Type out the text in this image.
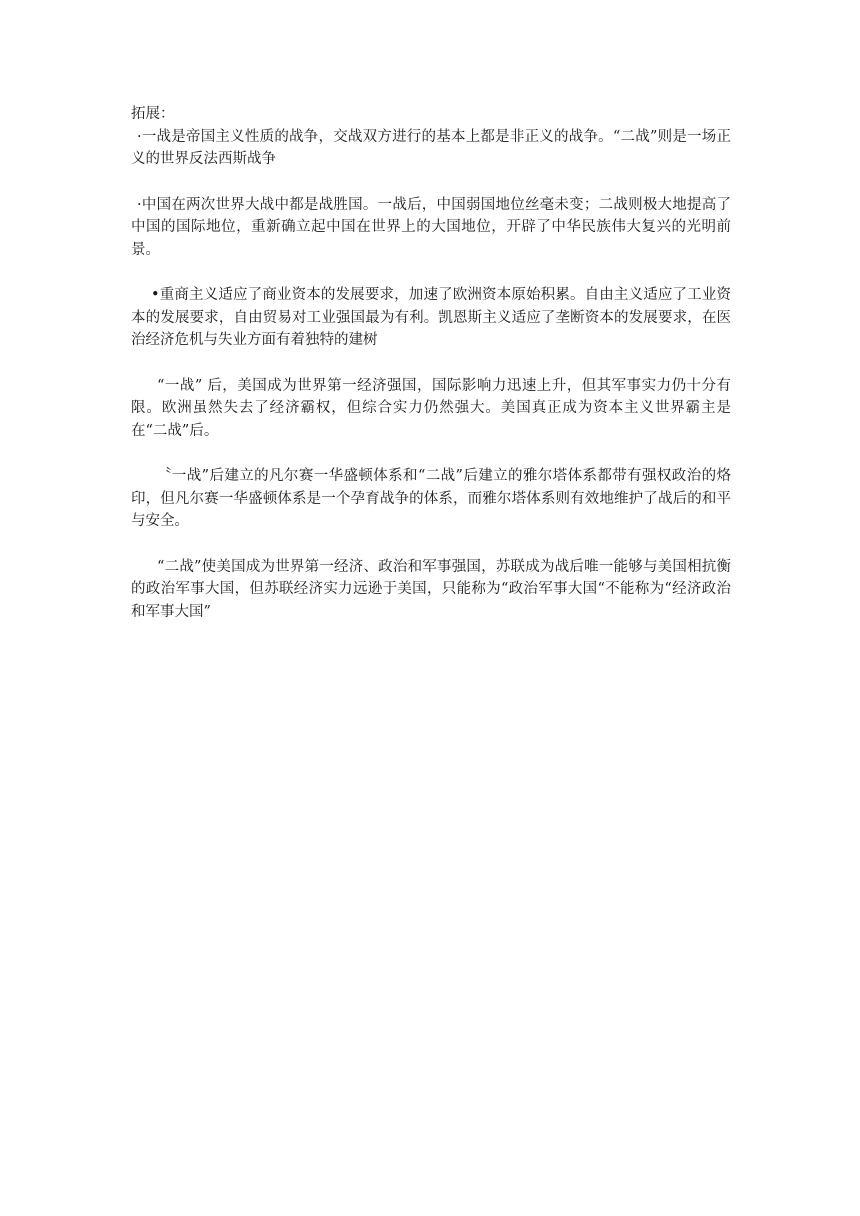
拓展：

·一战是帝国主义性质的战争，交战双方进行的基本上都是非正义的战争。“二战”则是一场正义的世界反法西斯战争

·中国在两次世界大战中都是战胜国。一战后，中国弱国地位丝毫未变；二战则极大地提高了中国的国际地位，重新确立起中国在世界上的大国地位，开辟了中华民族伟大复兴的光明前景。

•重商主义适应了商业资本的发展要求，加速了欧洲资本原始积累。自由主义适应了工业资本的发展要求，自由贸易对工业强国最为有利。凯恩斯主义适应了垄断资本的发展要求，在医治经济危机与失业方面有着独特的建树

“一战” 后，美国成为世界第一经济强国，国际影响力迅速上升，但其军事实力仍十分有限。欧洲虽然失去了经济霸权，但综合实力仍然强大。美国真正成为资本主义世界霸主是在“二战”后。

〝一战”后建立的凡尔赛一华盛顿体系和“二战”后建立的雅尔塔体系都带有强权政治的烙印，但凡尔赛一华盛顿体系是一个孕育战争的体系，而雅尔塔体系则有效地维护了战后的和平与安全。

“二战”使美国成为世界第一经济、政治和军事强国，苏联成为战后唯一能够与美国相抗衡的政治军事大国，但苏联经济实力远逊于美国，只能称为“政治军事大国“不能称为“经济政治和军事大国”
